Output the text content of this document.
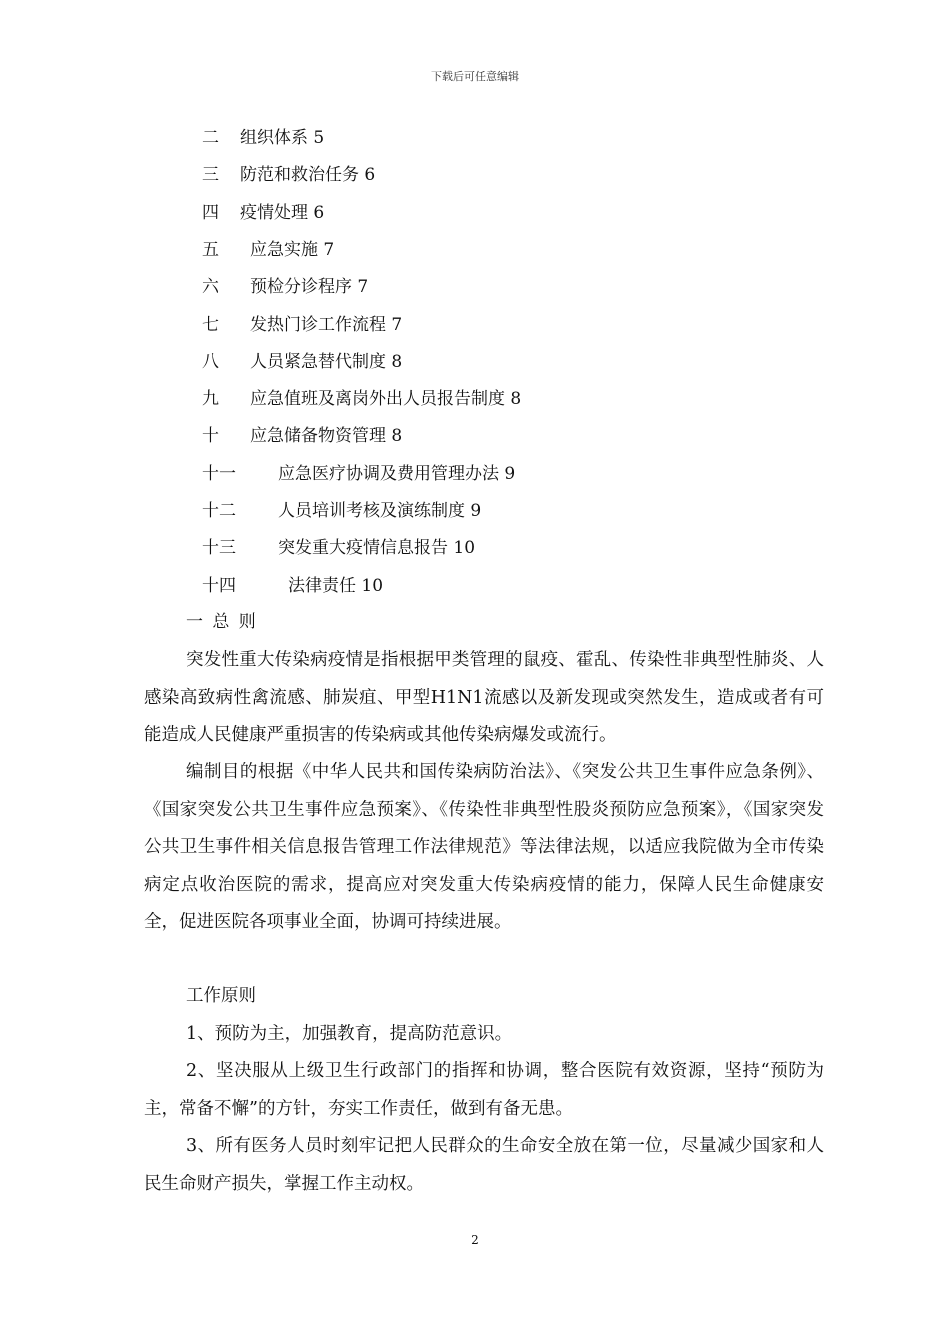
下载后可任意编辑
二 组织体系 5
三 防范和救治任务 6
四 疫情处理 6
五 应急实施 7
六 预检分诊程序 7
七 发热门诊工作流程 7
八 人员紧急替代制度 8
九 应急值班及离岗外出人员报告制度 8
十 应急储备物资管理 8
十一 应急医疗协调及费用管理办法 9
十二 人员培训考核及演练制度 9
十三 突发重大疫情信息报告 10
十四	法律责任 10
一 总 则

突发性重大传染病疫情是指根据甲类管理的鼠疫、霍乱、传染性非典型性肺炎、人感染高致病性禽流感、肺炭疽、甲型H1N1流感以及新发现或突然发生，造成或者有可能造成人民健康严重损害的传染病或其他传染病爆发或流行。

编制目的根据《中华人民共和国传染病防治法》、《突发公共卫生事件应急条例》、《国家突发公共卫生事件应急预案》、《传染性非典型性股炎预防应急预案》，《国家突发公共卫生事件相关信息报告管理工作法律规范》等法律法规，以适应我院做为全市传染病定点收治医院的需求，提高应对突发重大传染病疫情的能力，保障人民生命健康安全，促进医院各项事业全面，协调可持续进展。

工作原则

1、预防为主，加强教育，提高防范意识。

2、坚决服从上级卫生行政部门的指挥和协调，整合医院有效资源，坚持“预防为主，常备不懈”的方针，夯实工作责任，做到有备无患。

3、所有医务人员时刻牢记把人民群众的生命安全放在第一位，尽量减少国家和人民生命财产损失，掌握工作主动权。

2
